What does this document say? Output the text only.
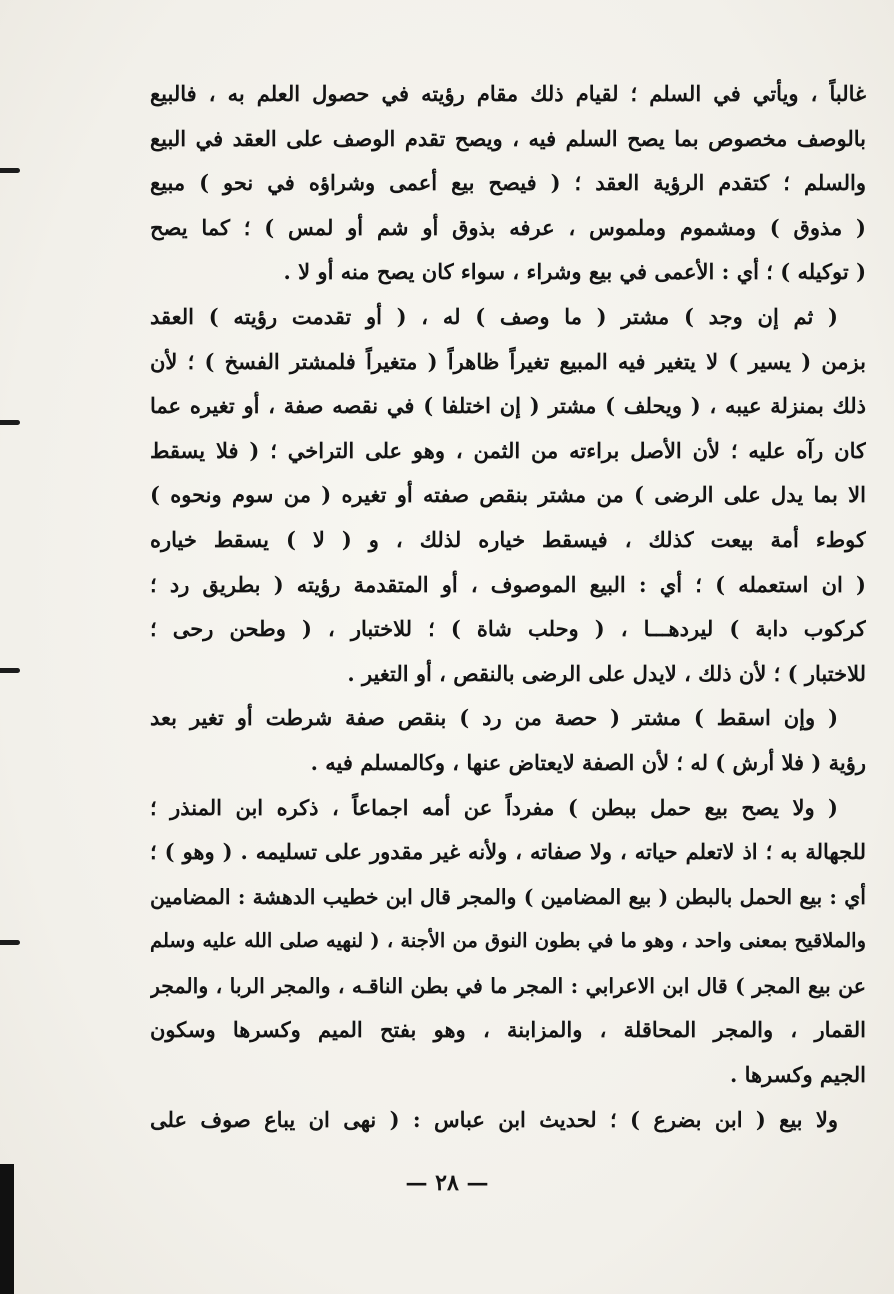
غالباً ، ويأتي في السلم ؛ لقيام ذلك مقام رؤيته في حصول العلم به ، فالبيع
بالوصف مخصوص بما يصح السلم فيه ، ويصح تقدم الوصف على العقد في البيع
والسلم ؛ كتقدم الرؤية العقد ؛ ( فيصح بيع أعمى وشراؤه في نحو ) مبيع
( مذوق ) ومشموم وملموس ، عرفه بذوق أو شم أو لمس ) ؛ كما يصح
( توكيله ) ؛ أي : الأعمى في بيع وشراء ، سواء كان يصح منه أو لا .
( ثم إن وجد ) مشتر ( ما وصف ) له ، ( أو تقدمت رؤيته ) العقد
بزمن ( يسير ) لا يتغير فيه المبيع تغيراً ظاهراً ( متغيراً فلمشتر الفسخ ) ؛ لأن
ذلك بمنزلة عيبه ، ( ويحلف ) مشتر ( إن اختلفا ) في نقصه صفة ، أو تغيره عما
كان رآه عليه ؛ لأن الأصل براءته من الثمن ، وهو على التراخي ؛ ( فلا يسقط
الا بما يدل على الرضى ) من مشتر بنقص صفته أو تغيره ( من سوم ونحوه )
كوطء أمة بيعت كذلك ، فيسقط خياره لذلك ، و ( لا ) يسقط خياره
( ان استعمله ) ؛ أي : البيع الموصوف ، أو المتقدمة رؤيته ( بطريق رد ؛
كركوب دابة ) ليردهـــا ، ( وحلب شاة ) ؛ للاختبار ، ( وطحن رحى ؛
للاختبار ) ؛ لأن ذلك ، لايدل على الرضى بالنقص ، أو التغير .
( وإن اسقط ) مشتر ( حصة من رد ) بنقص صفة شرطت أو تغير بعد
رؤية ( فلا أرش ) له ؛ لأن الصفة لايعتاض عنها ، وكالمسلم فيه .
( ولا يصح بيع حمل ببطن ) مفرداً عن أمه اجماعاً ، ذكره ابن المنذر ؛
للجهالة به ؛ اذ لاتعلم حياته ، ولا صفاته ، ولأنه غير مقدور على تسليمه . ( وهو ) ؛
أي : بيع الحمل بالبطن ( بيع المضامين ) والمجر قال ابن خطيب الدهشة : المضامين
والملاقيح بمعنى واحد ، وهو ما في بطون النوق من الأجنة ، ( لنهيه صلى الله عليه وسلم
عن بيع المجر ) قال ابن الاعرابي : المجر ما في بطن الناقـه ، والمجر الربا ، والمجر
القمار ، والمجر المحاقلة ، والمزابنة ، وهو بفتح الميم وكسرها وسكون
الجيم وكسرها .
ولا بيع ( ابن بضرع ) ؛ لحديث ابن عباس : ( نهى ان يباع صوف على
— ٢٨ —
